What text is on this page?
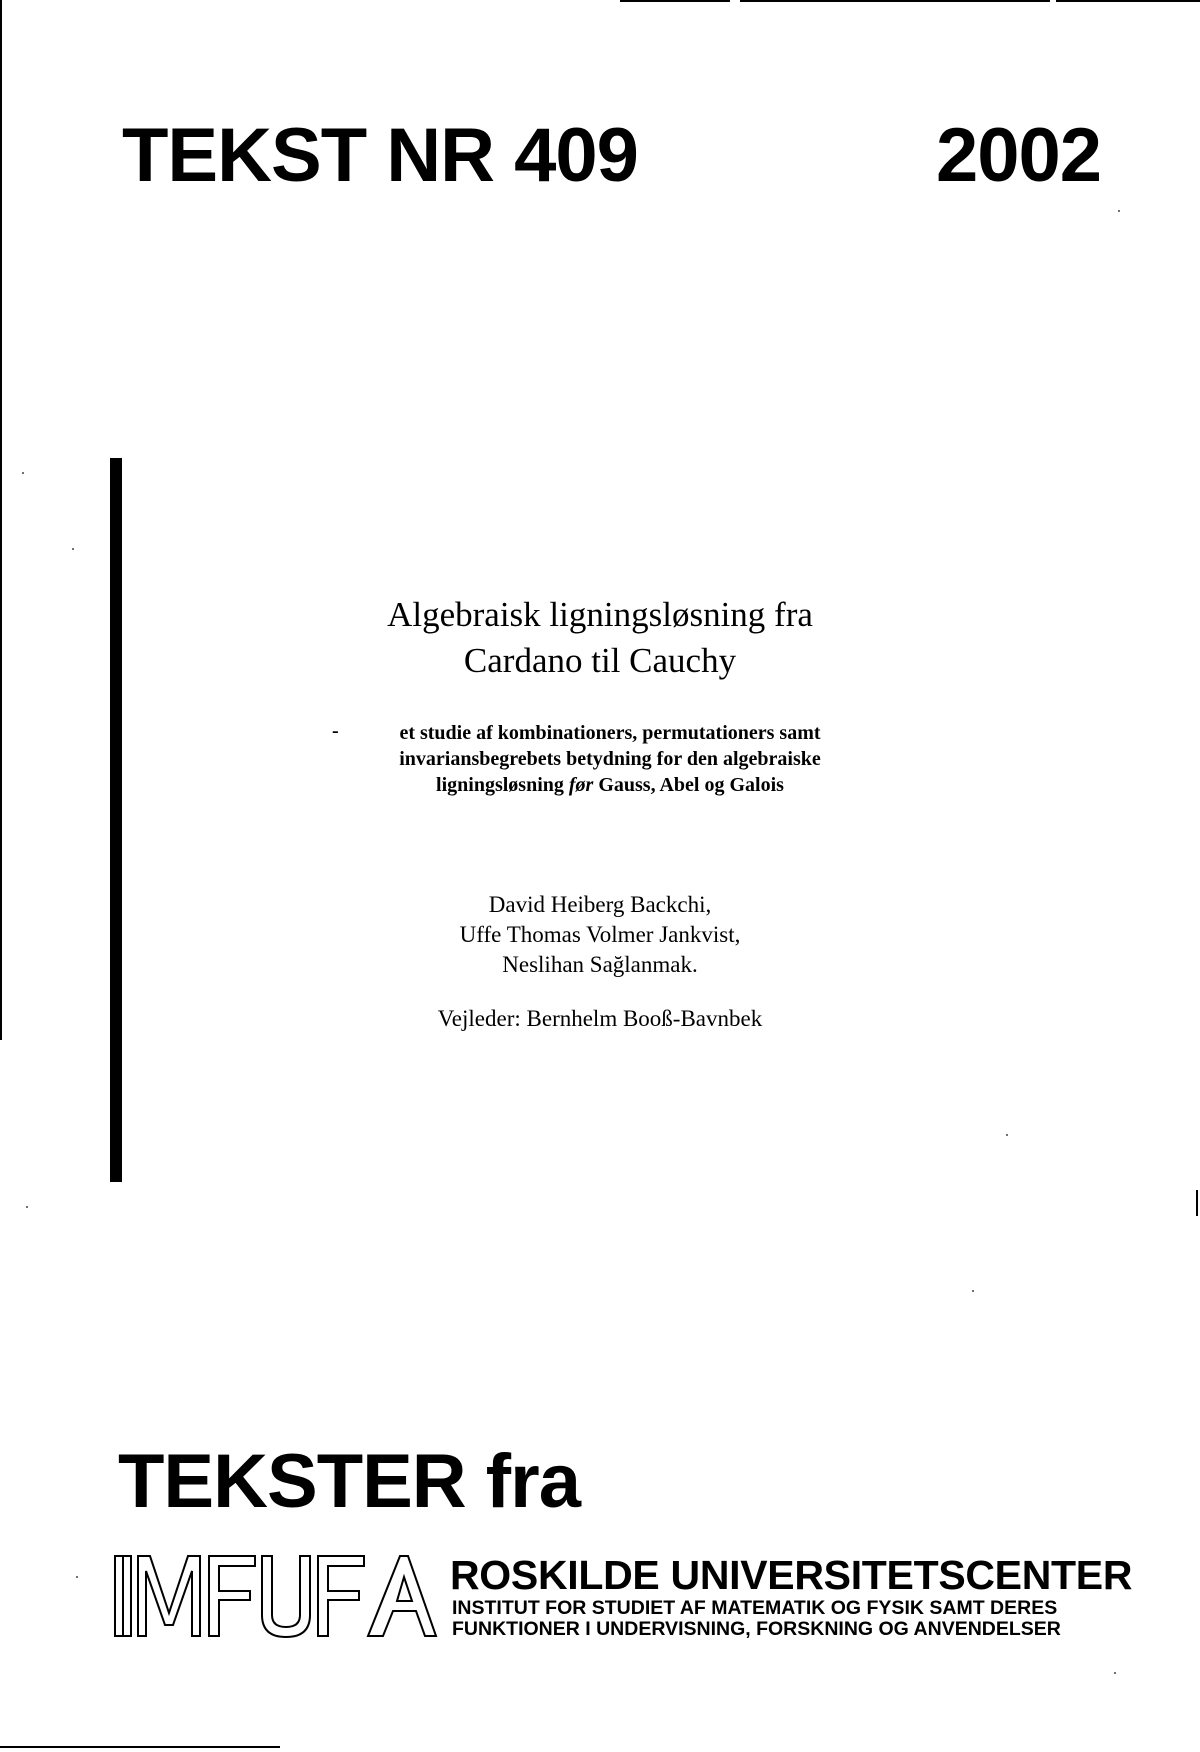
TEKST NR 409	2002
Algebraisk ligningsløsning fra
Cardano til Cauchy
-	et studie af kombinationers, permutationers samt
invariansbegrebets betydning for den algebraiske
ligningsløsning før Gauss, Abel og Galois
David Heiberg Backchi,
Uffe Thomas Volmer Jankvist,
Neslihan Sağlanmak.
Vejleder: Bernhelm Booß-Bavnbek
TEKSTER fra
ROSKILDE UNIVERSITETSCENTER
INSTITUT FOR STUDIET AF MATEMATIK OG FYSIK SAMT DERES
FUNKTIONER I UNDERVISNING, FORSKNING OG ANVENDELSER
